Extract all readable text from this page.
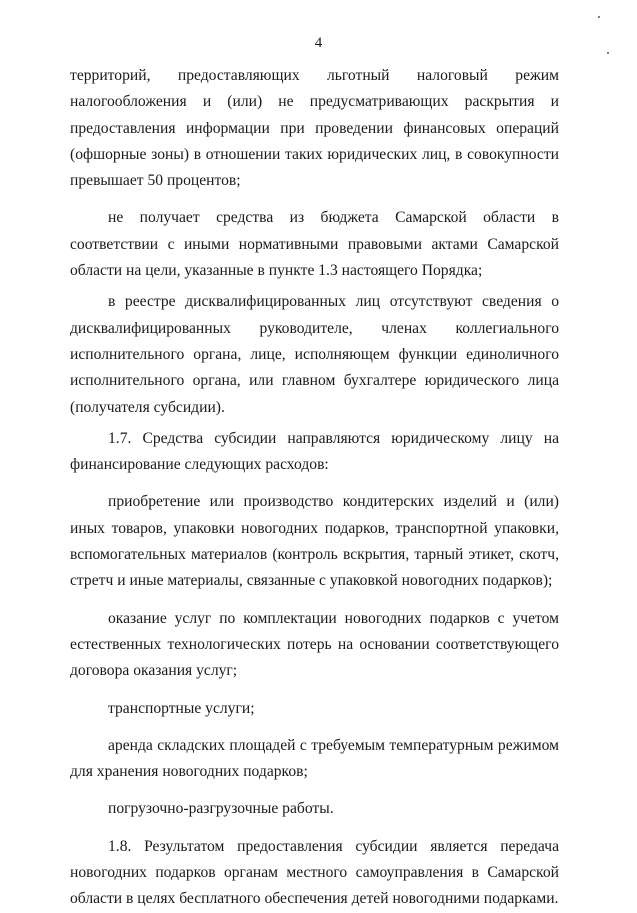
4

территорий, предоставляющих льготный налоговый режим налогообложения и (или) не предусматривающих раскрытия и предоставления информации при проведении финансовых операций (офшорные зоны) в отношении таких юридических лиц, в совокупности превышает 50 процентов;

не получает средства из бюджета Самарской области в соответствии с иными нормативными правовыми актами Самарской области на цели, указанные в пункте 1.3 настоящего Порядка;

в реестре дисквалифицированных лиц отсутствуют сведения о дисквалифицированных руководителе, членах коллегиального исполнительного органа, лице, исполняющем функции единоличного исполнительного органа, или главном бухгалтере юридического лица (получателя субсидии).

1.7. Средства субсидии направляются юридическому лицу на финансирование следующих расходов:

приобретение или производство кондитерских изделий и (или) иных товаров, упаковки новогодних подарков, транспортной упаковки, вспомогательных материалов (контроль вскрытия, тарный этикет, скотч, стретч и иные материалы, связанные с упаковкой новогодних подарков);

оказание услуг по комплектации новогодних подарков с учетом естественных технологических потерь на основании соответствующего договора оказания услуг;

транспортные услуги;

аренда складских площадей с требуемым температурным режимом для хранения новогодних подарков;

погрузочно-разгрузочные работы.

1.8. Результатом предоставления субсидии является передача новогодних подарков органам местного самоуправления в Самарской области в целях бесплатного обеспечения детей новогодними подарками.
